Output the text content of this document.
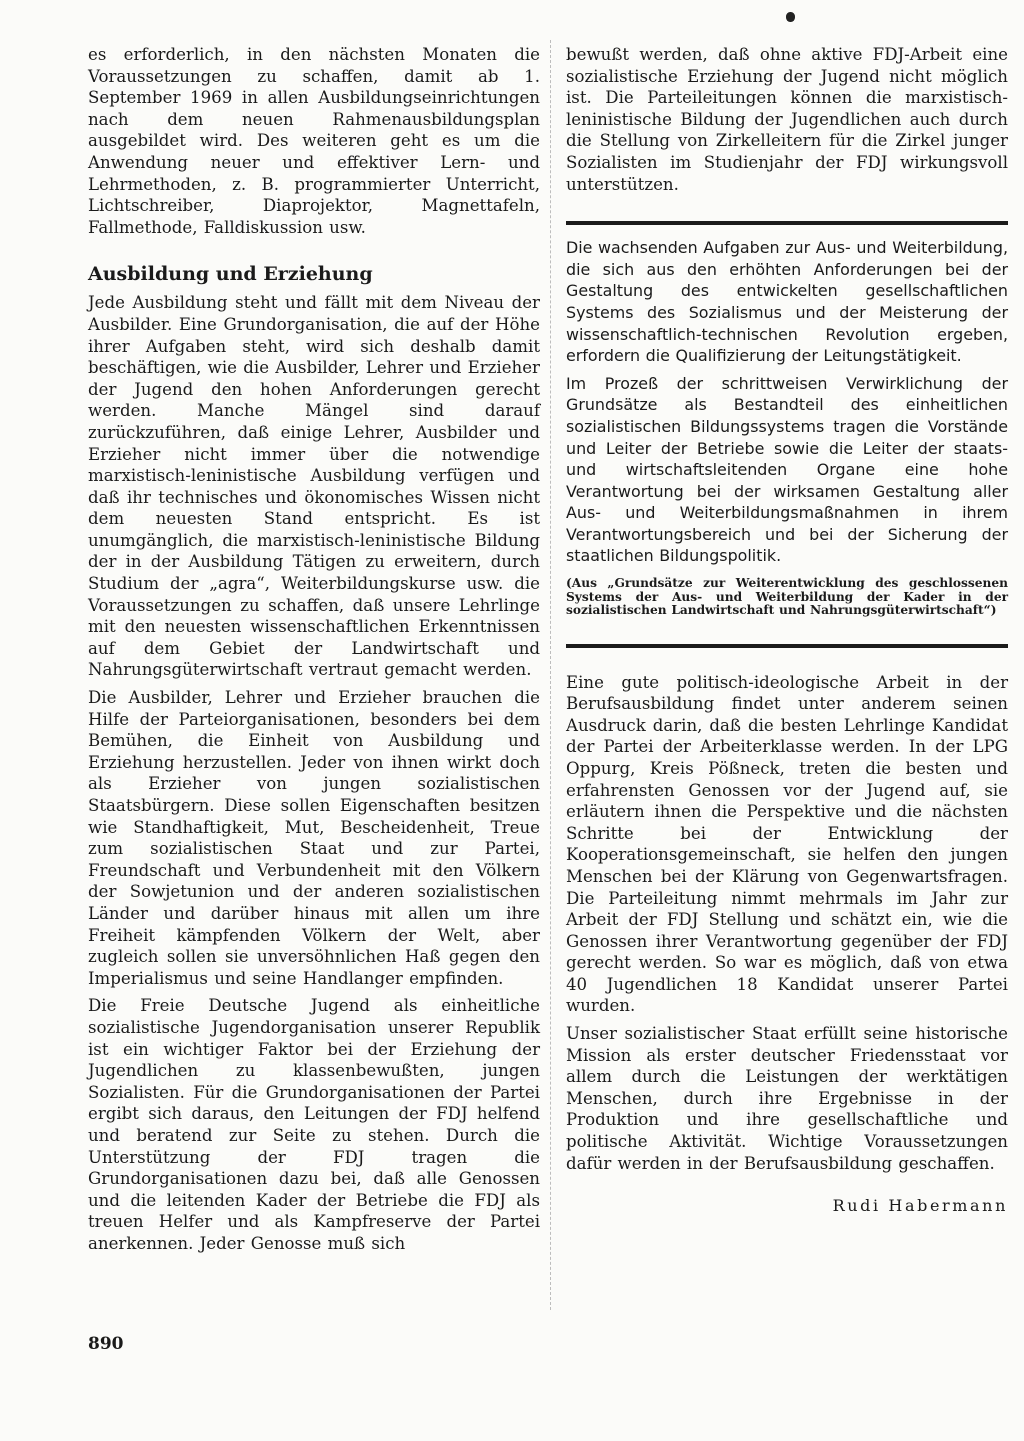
es erforderlich, in den nächsten Monaten die Voraussetzungen zu schaffen, damit ab 1. September 1969 in allen Ausbildungseinrichtungen nach dem neuen Rahmenausbildungsplan ausgebildet wird. Des weiteren geht es um die Anwendung neuer und effektiver Lern- und Lehrmethoden, z. B. programmierter Unterricht, Lichtschreiber, Diaprojektor, Magnettafeln, Fallmethode, Falldiskussion usw.

Ausbildung und Erziehung

Jede Ausbildung steht und fällt mit dem Niveau der Ausbilder. Eine Grundorganisation, die auf der Höhe ihrer Aufgaben steht, wird sich deshalb damit beschäftigen, wie die Ausbilder, Lehrer und Erzieher der Jugend den hohen Anforderungen gerecht werden. Manche Mängel sind darauf zurückzuführen, daß einige Lehrer, Ausbilder und Erzieher nicht immer über die notwendige marxistisch-leninistische Ausbildung verfügen und daß ihr technisches und ökonomisches Wissen nicht dem neuesten Stand entspricht. Es ist unumgänglich, die marxistisch-leninistische Bildung der in der Ausbildung Tätigen zu erweitern, durch Studium der „agra“, Weiterbildungskurse usw. die Voraussetzungen zu schaffen, daß unsere Lehrlinge mit den neuesten wissenschaftlichen Erkenntnissen auf dem Gebiet der Landwirtschaft und Nahrungsgüterwirtschaft vertraut gemacht werden.

Die Ausbilder, Lehrer und Erzieher brauchen die Hilfe der Parteiorganisationen, besonders bei dem Bemühen, die Einheit von Ausbildung und Erziehung herzustellen. Jeder von ihnen wirkt doch als Erzieher von jungen sozialistischen Staatsbürgern. Diese sollen Eigenschaften besitzen wie Standhaftigkeit, Mut, Bescheidenheit, Treue zum sozialistischen Staat und zur Partei, Freundschaft und Verbundenheit mit den Völkern der Sowjetunion und der anderen sozialistischen Länder und darüber hinaus mit allen um ihre Freiheit kämpfenden Völkern der Welt, aber zugleich sollen sie unversöhnlichen Haß gegen den Imperialismus und seine Handlanger empfinden.

Die Freie Deutsche Jugend als einheitliche sozialistische Jugendorganisation unserer Republik ist ein wichtiger Faktor bei der Erziehung der Jugendlichen zu klassenbewußten, jungen Sozialisten. Für die Grundorganisationen der Partei ergibt sich daraus, den Leitungen der FDJ helfend und beratend zur Seite zu stehen. Durch die Unterstützung der FDJ tragen die Grundorganisationen dazu bei, daß alle Genossen und die leitenden Kader der Betriebe die FDJ als treuen Helfer und als Kampfreserve der Partei anerkennen. Jeder Genosse muß sich

bewußt werden, daß ohne aktive FDJ-Arbeit eine sozialistische Erziehung der Jugend nicht möglich ist. Die Parteileitungen können die marxistisch-leninistische Bildung der Jugendlichen auch durch die Stellung von Zirkelleitern für die Zirkel junger Sozialisten im Studienjahr der FDJ wirkungsvoll unterstützen.

Die wachsenden Aufgaben zur Aus- und Weiterbildung, die sich aus den erhöhten Anforderungen bei der Gestaltung des entwickelten gesellschaftlichen Systems des Sozialismus und der Meisterung der wissenschaftlich-technischen Revolution ergeben, erfordern die Qualifizierung der Leitungstätigkeit.

Im Prozeß der schrittweisen Verwirklichung der Grundsätze als Bestandteil des einheitlichen sozialistischen Bildungssystems tragen die Vorstände und Leiter der Betriebe sowie die Leiter der staats- und wirtschaftsleitenden Organe eine hohe Verantwortung bei der wirksamen Gestaltung aller Aus- und Weiterbildungsmaßnahmen in ihrem Verantwortungsbereich und bei der Sicherung der staatlichen Bildungspolitik.

(Aus „Grundsätze zur Weiterentwicklung des geschlossenen Systems der Aus- und Weiterbildung der Kader in der sozialistischen Landwirtschaft und Nahrungsgüterwirtschaft“)

Eine gute politisch-ideologische Arbeit in der Berufsausbildung findet unter anderem seinen Ausdruck darin, daß die besten Lehrlinge Kandidat der Partei der Arbeiterklasse werden. In der LPG Oppurg, Kreis Pößneck, treten die besten und erfahrensten Genossen vor der Jugend auf, sie erläutern ihnen die Perspektive und die nächsten Schritte bei der Entwicklung der Kooperationsgemeinschaft, sie helfen den jungen Menschen bei der Klärung von Gegenwartsfragen. Die Parteileitung nimmt mehrmals im Jahr zur Arbeit der FDJ Stellung und schätzt ein, wie die Genossen ihrer Verantwortung gegenüber der FDJ gerecht werden. So war es möglich, daß von etwa 40 Jugendlichen 18 Kandidat unserer Partei wurden.

Unser sozialistischer Staat erfüllt seine historische Mission als erster deutscher Friedensstaat vor allem durch die Leistungen der werktätigen Menschen, durch ihre Ergebnisse in der Produktion und ihre gesellschaftliche und politische Aktivität. Wichtige Voraussetzungen dafür werden in der Berufsausbildung geschaffen.

Rudi Habermann
890
